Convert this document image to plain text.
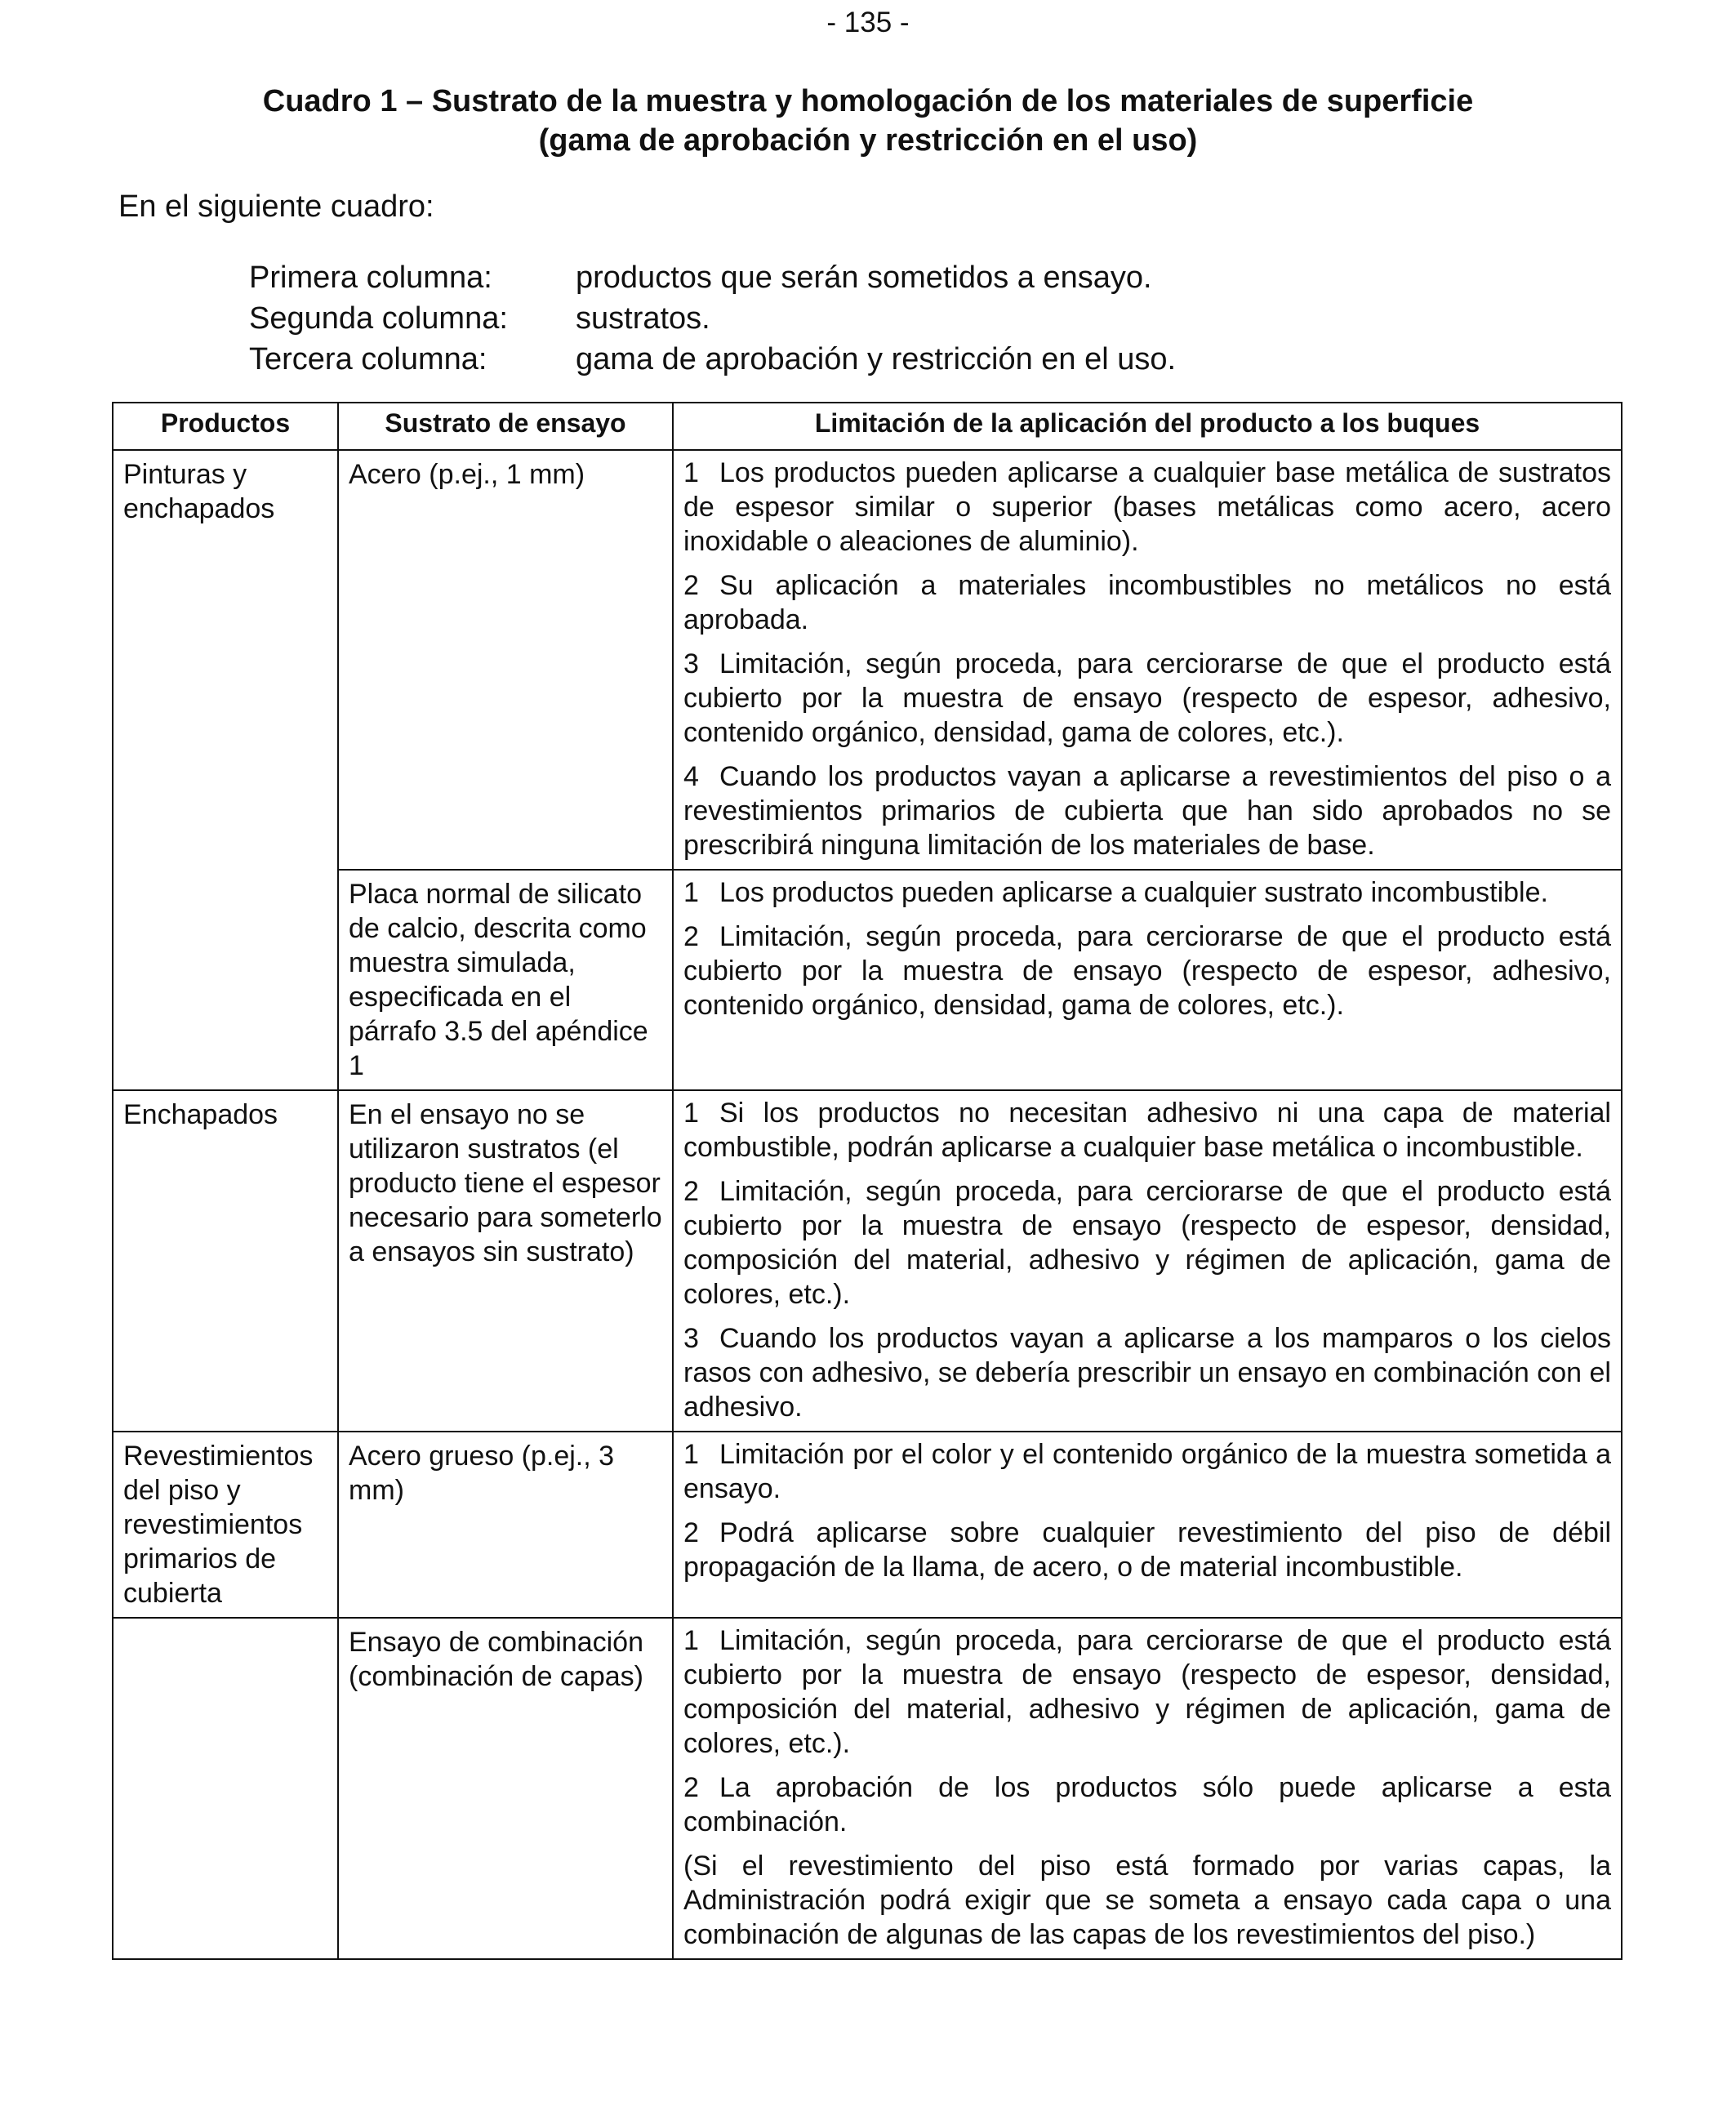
- 135 -
Cuadro 1 – Sustrato de la muestra y homologación de los materiales de superficie
(gama de aprobación y restricción en el uso)
En el siguiente cuadro:
Primera columna:	productos que serán sometidos a ensayo.
Segunda columna:	sustratos.
Tercera columna:	gama de aprobación y restricción en el uso.
Productos	Sustrato de ensayo	Limitación de la aplicación del producto a los buques
Pinturas y enchapados	Acero (p.ej., 1 mm)	1 Los productos pueden aplicarse a cualquier base metálica de sustratos de espesor similar o superior (bases metálicas como acero, acero inoxidable o aleaciones de aluminio).

2 Su aplicación a materiales incombustibles no metálicos no está aprobada.

3 Limitación, según proceda, para cerciorarse de que el producto está cubierto por la muestra de ensayo (respecto de espesor, adhesivo, contenido orgánico, densidad, gama de colores, etc.).

4 Cuando los productos vayan a aplicarse a revestimientos del piso o a revestimientos primarios de cubierta que han sido aprobados no se prescribirá ninguna limitación de los materiales de base.

	Placa normal de silicato de calcio, descrita como muestra simulada, especificada en el párrafo 3.5 del apéndice 1	1 Los productos pueden aplicarse a cualquier sustrato incombustible.

2 Limitación, según proceda, para cerciorarse de que el producto está cubierto por la muestra de ensayo (respecto de espesor, adhesivo, contenido orgánico, densidad, gama de colores, etc.).

Enchapados	En el ensayo no se utilizaron sustratos (el producto tiene el espesor necesario para someterlo a ensayos sin sustrato)	1 Si los productos no necesitan adhesivo ni una capa de material combustible, podrán aplicarse a cualquier base metálica o incombustible.

2 Limitación, según proceda, para cerciorarse de que el producto está cubierto por la muestra de ensayo (respecto de espesor, densidad, composición del material, adhesivo y régimen de aplicación, gama de colores, etc.).

3 Cuando los productos vayan a aplicarse a los mamparos o los cielos rasos con adhesivo, se debería prescribir un ensayo en combinación con el adhesivo.

Revestimientos del piso y revestimientos primarios de cubierta	Acero grueso (p.ej., 3 mm)	1 Limitación por el color y el contenido orgánico de la muestra sometida a ensayo.

2 Podrá aplicarse sobre cualquier revestimiento del piso de débil propagación de la llama, de acero, o de material incombustible.

	Ensayo de combinación (combinación de capas)	1 Limitación, según proceda, para cerciorarse de que el producto está cubierto por la muestra de ensayo (respecto de espesor, densidad, composición del material, adhesivo y régimen de aplicación, gama de colores, etc.).

2 La aprobación de los productos sólo puede aplicarse a esta combinación.

(Si el revestimiento del piso está formado por varias capas, la Administración podrá exigir que se someta a ensayo cada capa o una combinación de algunas de las capas de los revestimientos del piso.)
